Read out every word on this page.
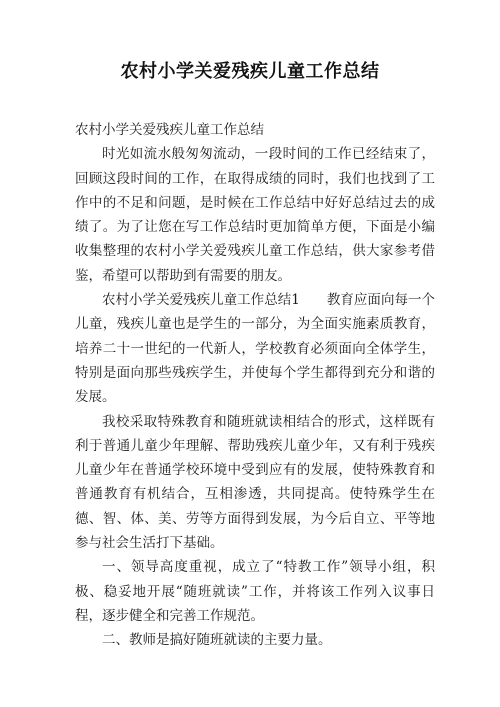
农村小学关爱残疾儿童工作总结

农村小学关爱残疾儿童工作总结

时光如流水般匆匆流动，一段时间的工作已经结束了，回顾这段时间的工作，在取得成绩的同时，我们也找到了工作中的不足和问题，是时候在工作总结中好好总结过去的成绩了。为了让您在写工作总结时更加简单方便，下面是小编收集整理的农村小学关爱残疾儿童工作总结，供大家参考借鉴，希望可以帮助到有需要的朋友。

农村小学关爱残疾儿童工作总结1　　教育应面向每一个儿童，残疾儿童也是学生的一部分，为全面实施素质教育，培养二十一世纪的一代新人，学校教育必须面向全体学生，特别是面向那些残疾学生，并使每个学生都得到充分和谐的发展。

我校采取特殊教育和随班就读相结合的形式，这样既有利于普通儿童少年理解、帮助残疾儿童少年，又有利于残疾儿童少年在普通学校环境中受到应有的发展，使特殊教育和普通教育有机结合，互相渗透，共同提高。使特殊学生在德、智、体、美、劳等方面得到发展，为今后自立、平等地参与社会生活打下基础。

一、领导高度重视，成立了“特教工作”领导小组，积极、稳妥地开展“随班就读”工作，并将该工作列入议事日程，逐步健全和完善工作规范。

二、教师是搞好随班就读的主要力量。
